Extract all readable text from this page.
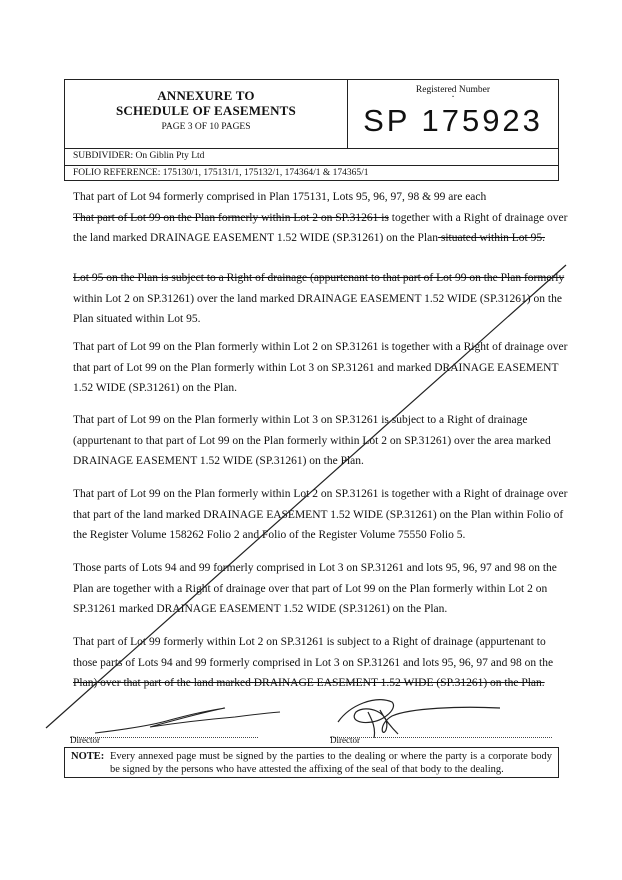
ANNEXURE TO
SCHEDULE OF EASEMENTS
PAGE 3 OF 10 PAGES
Registered Number
·
SP 175923
SUBDIVIDER: On Giblin Pty Ltd
FOLIO REFERENCE: 175130/1, 175131/1, 175132/1, 174364/1 & 174365/1
That part of Lot 94 formerly comprised in Plan 175131, Lots 95, 96, 97, 98 & 99 are each
That part of Lot 99 on the Plan formerly within Lot 2 on SP.31261 is together with a Right of drainage over
the land marked DRAINAGE EASEMENT 1.52 WIDE (SP.31261) on the Plan situated within Lot 95.
Lot 95 on the Plan is subject to a Right of drainage (appurtenant to that part of Lot 99 on the Plan formerly
within Lot 2 on SP.31261) over the land marked DRAINAGE EASEMENT 1.52 WIDE (SP.31261) on the
Plan situated within Lot 95.
That part of Lot 99 on the Plan formerly within Lot 2 on SP.31261 is together with a Right of drainage over
that part of Lot 99 on the Plan formerly within Lot 3 on SP.31261 and marked DRAINAGE EASEMENT
1.52 WIDE (SP.31261) on the Plan.
That part of Lot 99 on the Plan formerly within Lot 3 on SP.31261 is subject to a Right of drainage
(appurtenant to that part of Lot 99 on the Plan formerly within Lot 2 on SP.31261) over the area marked
DRAINAGE EASEMENT 1.52 WIDE (SP.31261) on the Plan.
That part of Lot 99 on the Plan formerly within Lot 2 on SP.31261 is together with a Right of drainage over
that part of the land marked DRAINAGE EASEMENT 1.52 WIDE (SP.31261) on the Plan within Folio of
the Register Volume 158262 Folio 2 and Folio of the Register Volume 75550 Folio 5.
Those parts of Lots 94 and 99 formerly comprised in Lot 3 on SP.31261 and lots 95, 96, 97 and 98 on the
Plan are together with a Right of drainage over that part of Lot 99 on the Plan formerly within Lot 2 on
SP.31261 marked DRAINAGE EASEMENT 1.52 WIDE (SP.31261) on the Plan.
That part of Lot 99 formerly within Lot 2 on SP.31261 is subject to a Right of drainage (appurtenant to
those parts of Lots 94 and 99 formerly comprised in Lot 3 on SP.31261 and lots 95, 96, 97 and 98 on the
Plan) over that part of the land marked DRAINAGE EASEMENT 1.52 WIDE (SP.31261) on the Plan.
Director	Director
NOTE: Every annexed page must be signed by the parties to the dealing or where the party is a corporate body be signed by the persons who have attested the affixing of the seal of that body to the dealing.
